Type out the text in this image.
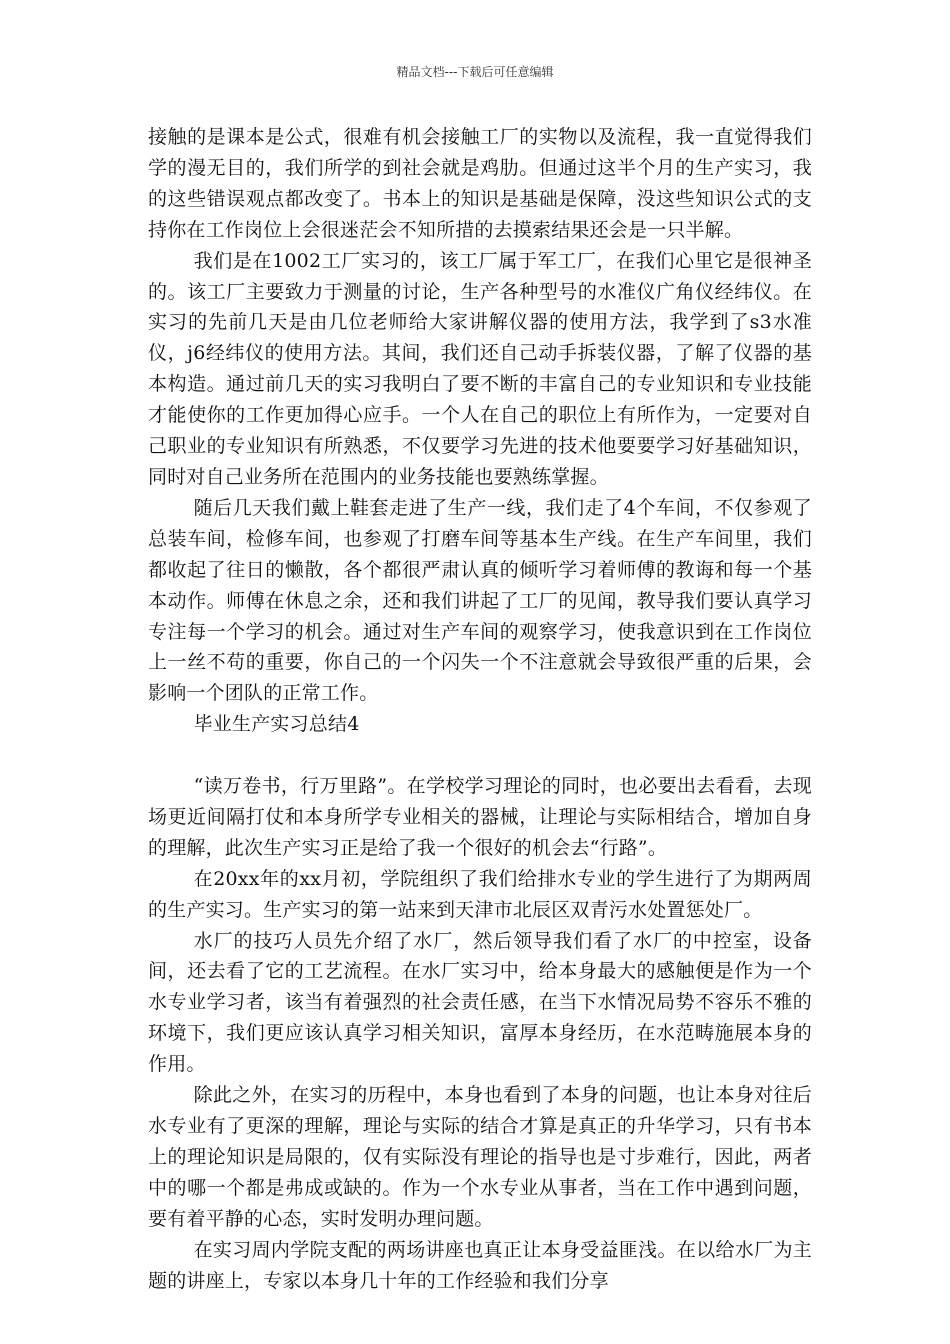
精品文档---下载后可任意编辑

接触的是课本是公式，很难有机会接触工厂的实物以及流程，我一直觉得我们学的漫无目的，我们所学的到社会就是鸡肋。但通过这半个月的生产实习，我的这些错误观点都改变了。书本上的知识是基础是保障，没这些知识公式的支持你在工作岗位上会很迷茫会不知所措的去摸索结果还会是一只半解。

我们是在1002工厂实习的，该工厂属于军工厂，在我们心里它是很神圣的。该工厂主要致力于测量的讨论，生产各种型号的水准仪广角仪经纬仪。在实习的先前几天是由几位老师给大家讲解仪器的使用方法，我学到了s3水准仪，j6经纬仪的使用方法。其间，我们还自己动手拆装仪器，了解了仪器的基本构造。通过前几天的实习我明白了要不断的丰富自己的专业知识和专业技能才能使你的工作更加得心应手。一个人在自己的职位上有所作为，一定要对自己职业的专业知识有所熟悉，不仅要学习先进的技术他要要学习好基础知识，同时对自己业务所在范围内的业务技能也要熟练掌握。

随后几天我们戴上鞋套走进了生产一线，我们走了4个车间，不仅参观了总装车间，检修车间，也参观了打磨车间等基本生产线。在生产车间里，我们都收起了往日的懒散，各个都很严肃认真的倾听学习着师傅的教诲和每一个基本动作。师傅在休息之余，还和我们讲起了工厂的见闻，教导我们要认真学习专注每一个学习的机会。通过对生产车间的观察学习，使我意识到在工作岗位上一丝不苟的重要，你自己的一个闪失一个不注意就会导致很严重的后果，会影响一个团队的正常工作。

毕业生产实习总结4

“读万卷书，行万里路”。在学校学习理论的同时，也必要出去看看，去现场更近间隔打仗和本身所学专业相关的器械，让理论与实际相结合，增加自身的理解，此次生产实习正是给了我一个很好的机会去“行路”。

在20xx年的xx月初，学院组织了我们给排水专业的学生进行了为期两周的生产实习。生产实习的第一站来到天津市北辰区双青污水处置惩处厂。

水厂的技巧人员先介绍了水厂，然后领导我们看了水厂的中控室，设备间，还去看了它的工艺流程。在水厂实习中，给本身最大的感触便是作为一个水专业学习者，该当有着强烈的社会责任感，在当下水情况局势不容乐不雅的环境下，我们更应该认真学习相关知识，富厚本身经历，在水范畴施展本身的作用。

除此之外，在实习的历程中，本身也看到了本身的问题，也让本身对往后水专业有了更深的理解，理论与实际的结合才算是真正的升华学习，只有书本上的理论知识是局限的，仅有实际没有理论的指导也是寸步难行，因此，两者中的哪一个都是弗成或缺的。作为一个水专业从事者，当在工作中遇到问题，要有着平静的心态，实时发明办理问题。

在实习周内学院支配的两场讲座也真正让本身受益匪浅。在以给水厂为主题的讲座上，专家以本身几十年的工作经验和我们分享
